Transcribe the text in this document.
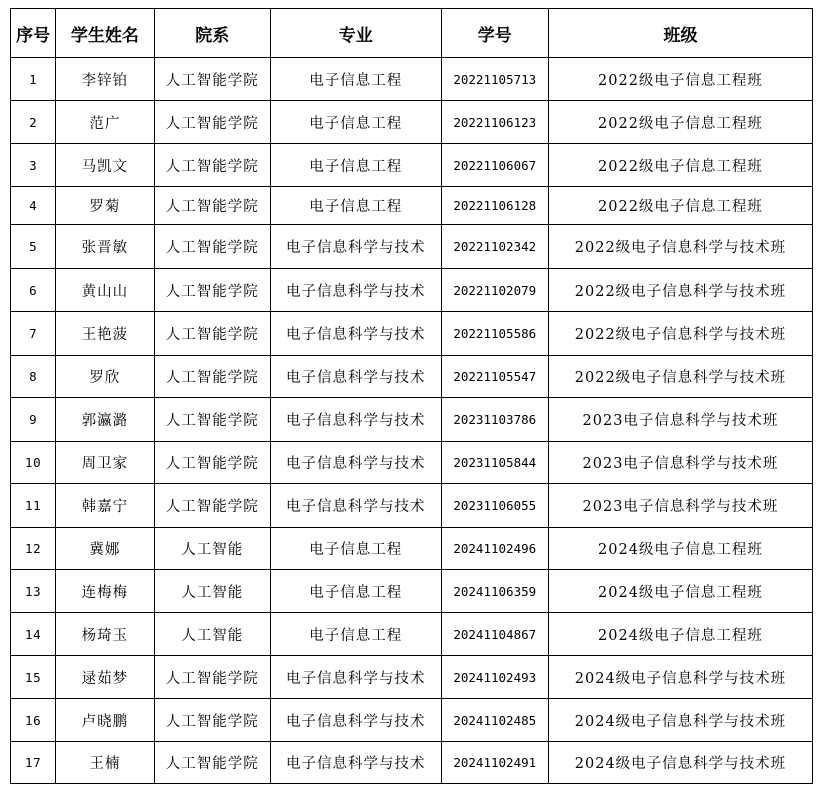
序号	学生姓名	院系	专业	学号	班级
1	李锌铂	人工智能学院	电子信息工程	20221105713	2022级电子信息工程班
2	范广	人工智能学院	电子信息工程	20221106123	2022级电子信息工程班
3	马凯文	人工智能学院	电子信息工程	20221106067	2022级电子信息工程班
4	罗菊	人工智能学院	电子信息工程	20221106128	2022级电子信息工程班
5	张晋敏	人工智能学院	电子信息科学与技术	20221102342	2022级电子信息科学与技术班
6	黄山山	人工智能学院	电子信息科学与技术	20221102079	2022级电子信息科学与技术班
7	王艳菠	人工智能学院	电子信息科学与技术	20221105586	2022级电子信息科学与技术班
8	罗欣	人工智能学院	电子信息科学与技术	20221105547	2022级电子信息科学与技术班
9	郭瀛潞	人工智能学院	电子信息科学与技术	20231103786	2023电子信息科学与技术班
10	周卫家	人工智能学院	电子信息科学与技术	20231105844	2023电子信息科学与技术班
11	韩嘉宁	人工智能学院	电子信息科学与技术	20231106055	2023电子信息科学与技术班
12	冀娜	人工智能	电子信息工程	20241102496	2024级电子信息工程班
13	连梅梅	人工智能	电子信息工程	20241106359	2024级电子信息工程班
14	杨琦玉	人工智能	电子信息工程	20241104867	2024级电子信息工程班
15	逯茹梦	人工智能学院	电子信息科学与技术	20241102493	2024级电子信息科学与技术班
16	卢晓鹏	人工智能学院	电子信息科学与技术	20241102485	2024级电子信息科学与技术班
17	王楠	人工智能学院	电子信息科学与技术	20241102491	2024级电子信息科学与技术班
